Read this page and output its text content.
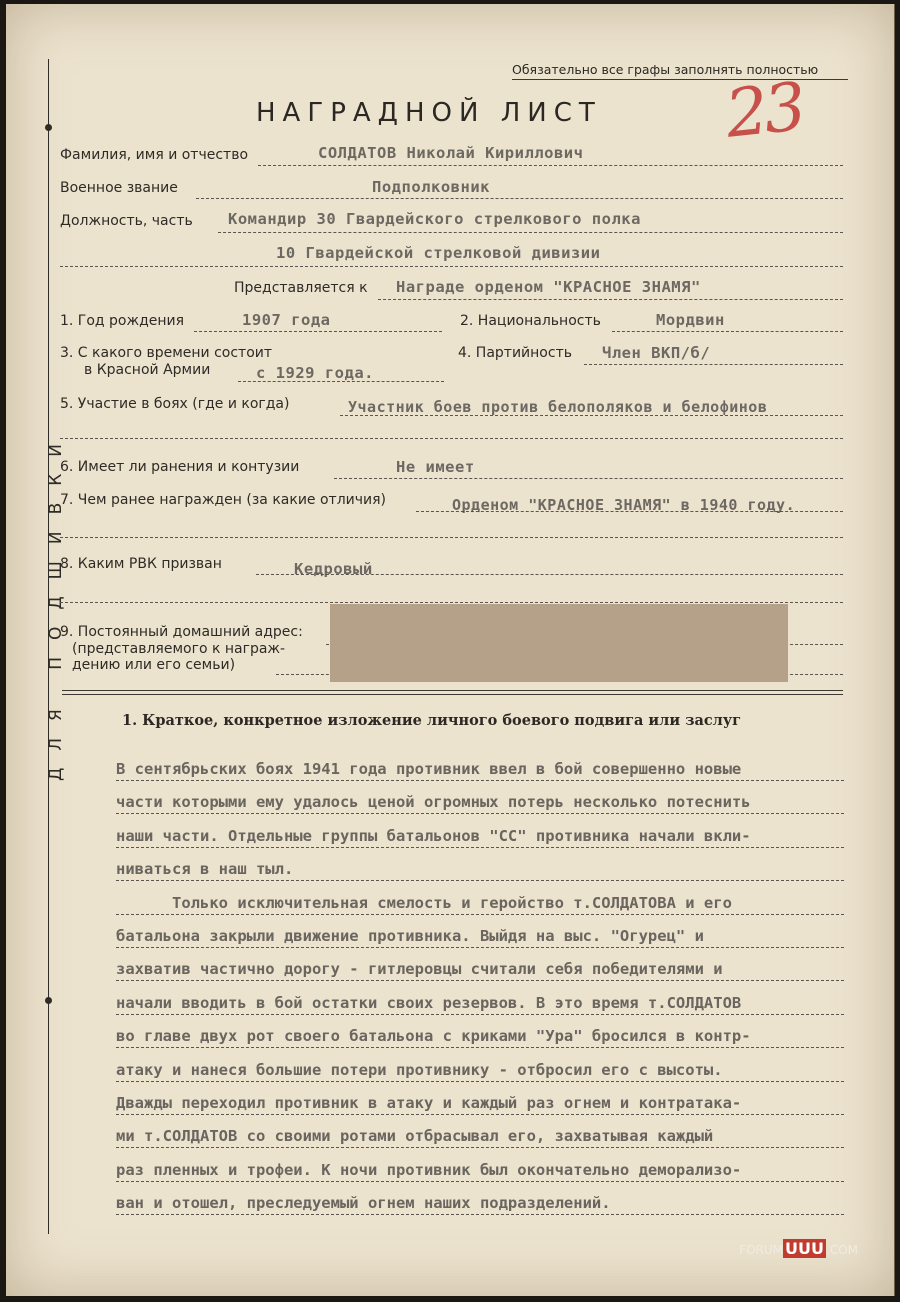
ДЛЯ ПОДШИВКИ
Обязательно все графы заполнять полностью
НАГРАДНОЙ ЛИСТ 23
Фамилия, имя и отчество	СОЛДАТОВ Николай Кириллович
Военное звание	Подполковник
Должность, часть Командир 30 Гвардейского стрелкового полка
10 Гвардейской стрелковой дивизии
Представляется к Награде орденом "КРАСНОЕ ЗНАМЯ"
1. Год рождения	1907 года	2. Национальность	Мордвин
3. С какого времени состоит
в Красной Армии	с 1929 года.
4. Партийность Член ВКП/б/
5. Участие в боях (где и когда)	Участник боев против белополяков и белофинов
6. Имеет ли ранения и контузии	Не имеет
7. Чем ранее награжден (за какие отличия)	Орденом "КРАСНОЕ ЗНАМЯ" в 1940 году.
8. Каким РВК призван	Кедровый
9. Постоянный домашний адрес:
(представляемого к награж-
дению или его семьи)
1. Краткое, конкретное изложение личного боевого подвига или заслуг
В сентябрьских боях 1941 года противник ввел в бой совершенно новые
части которыми ему удалось ценой огромных потерь несколько потеснить
наши части. Отдельные группы батальонов "СС" противника начали вкли-
ниваться в наш тыл.
Только исключительная смелость и геройство т.СОЛДАТОВА и его
батальона закрыли движение противника. Выйдя на выс. "Огурец" и
захватив частично дорогу - гитлеровцы считали себя победителями и
начали вводить в бой остатки своих резервов. В это время т.СОЛДАТОВ
во главе двух рот своего батальона с криками "Ура" бросился в контр-
атаку и нанеся большие потери противнику - отбросил его с высоты.
Дважды переходил противник в атаку и каждый раз огнем и контратака-
ми т.СОЛДАТОВ со своими ротами отбрасывал его, захватывая каждый
раз пленных и трофеи. К ночи противник был окончательно деморализо-
ван и отошел, преследуемый огнем наших подразделений.
FORUM UUU .COM
